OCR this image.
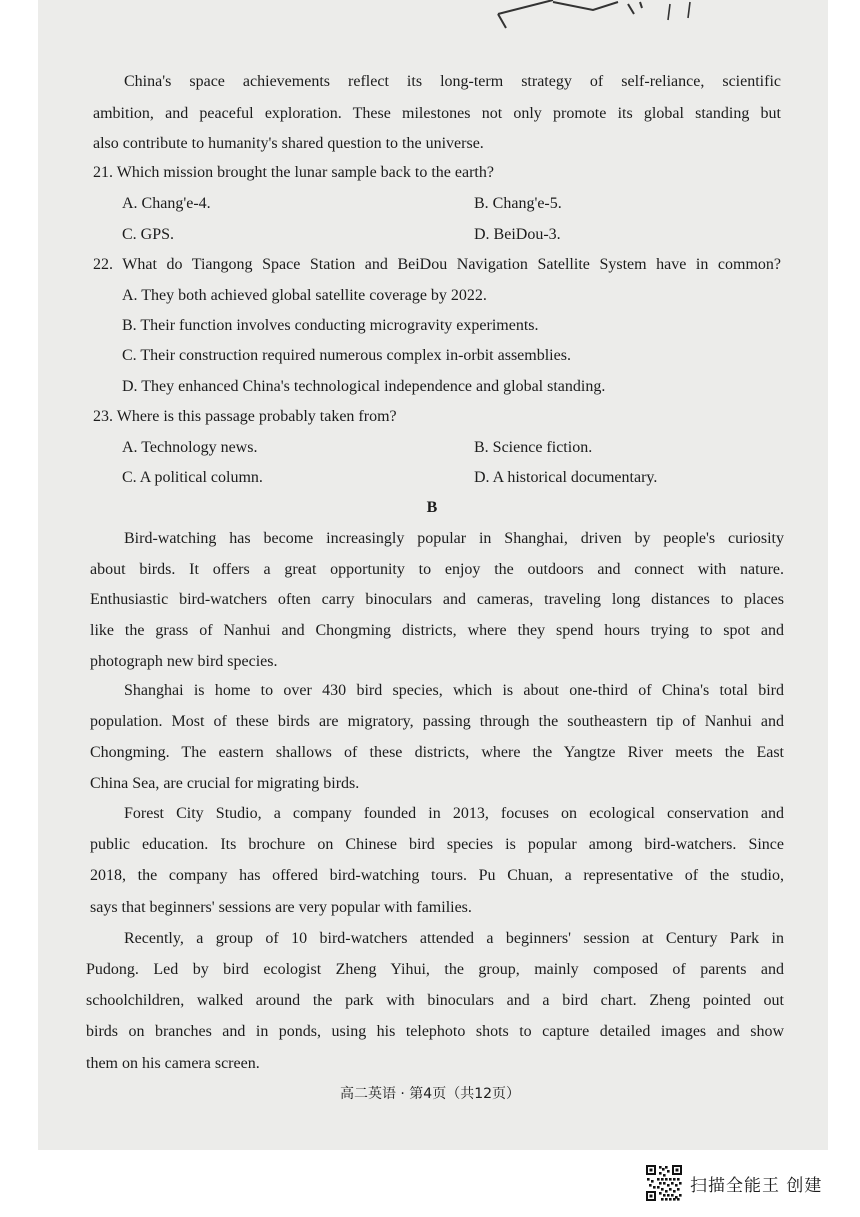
China's space achievements reflect its long-term strategy of self-reliance, scientific

ambition, and peaceful exploration. These milestones not only promote its global standing but

also contribute to humanity's shared question to the universe.

21. Which mission brought the lunar sample back to the earth?

A. Chang'e-4.	B. Chang'e-5.

C. GPS.	D. BeiDou-3.

22. What do Tiangong Space Station and BeiDou Navigation Satellite System have in common?

A. They both achieved global satellite coverage by 2022.

B. Their function involves conducting microgravity experiments.

C. Their construction required numerous complex in-orbit assemblies.

D. They enhanced China's technological independence and global standing.

23. Where is this passage probably taken from?

A. Technology news.	B. Science fiction.

C. A political column.	D. A historical documentary.

B

Bird-watching has become increasingly popular in Shanghai, driven by people's curiosity

about birds. It offers a great opportunity to enjoy the outdoors and connect with nature.

Enthusiastic bird-watchers often carry binoculars and cameras, traveling long distances to places

like the grass of Nanhui and Chongming districts, where they spend hours trying to spot and

photograph new bird species.

Shanghai is home to over 430 bird species, which is about one-third of China's total bird

population. Most of these birds are migratory, passing through the southeastern tip of Nanhui and

Chongming. The eastern shallows of these districts, where the Yangtze River meets the East

China Sea, are crucial for migrating birds.

Forest City Studio, a company founded in 2013, focuses on ecological conservation and

public education. Its brochure on Chinese bird species is popular among bird-watchers. Since

2018, the company has offered bird-watching tours. Pu Chuan, a representative of the studio,

says that beginners' sessions are very popular with families.

Recently, a group of 10 bird-watchers attended a beginners' session at Century Park in

Pudong. Led by bird ecologist Zheng Yihui, the group, mainly composed of parents and

schoolchildren, walked around the park with binoculars and a bird chart. Zheng pointed out

birds on branches and in ponds, using his telephoto shots to capture detailed images and show

them on his camera screen.

高二英语 · 第4页（共12页）

扫描全能王 创建
